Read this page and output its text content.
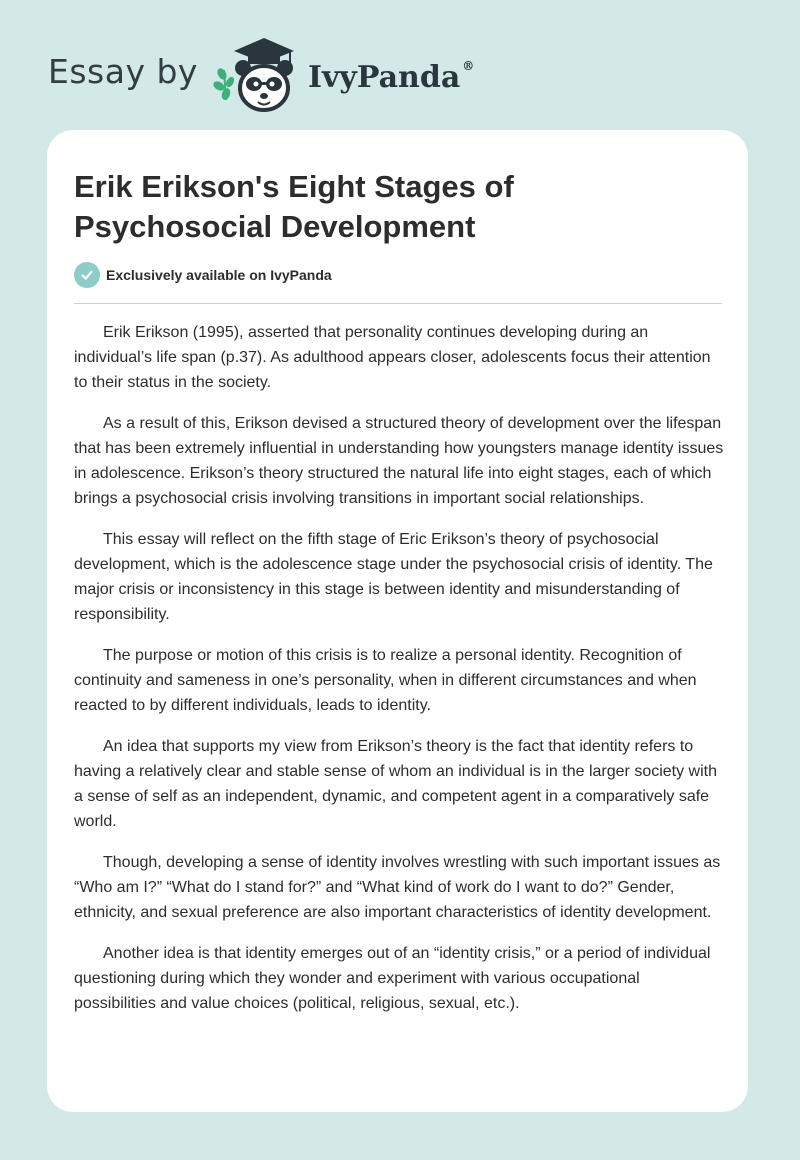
Essay by	IvyPanda ®
Erik Erikson's Eight Stages of Psychosocial Development
Exclusively available on IvyPanda

Erik Erikson (1995), asserted that personality continues developing during an individual’s life span (p.37). As adulthood appears closer, adolescents focus their attention to their status in the society.

As a result of this, Erikson devised a structured theory of development over the lifespan that has been extremely influential in understanding how youngsters manage identity issues in adolescence. Erikson’s theory structured the natural life into eight stages, each of which brings a psychosocial crisis involving transitions in important social relationships.

This essay will reflect on the fifth stage of Eric Erikson’s theory of psychosocial development, which is the adolescence stage under the psychosocial crisis of identity. The major crisis or inconsistency in this stage is between identity and misunderstanding of responsibility.

The purpose or motion of this crisis is to realize a personal identity. Recognition of continuity and sameness in one’s personality, when in different circumstances and when reacted to by different individuals, leads to identity.

An idea that supports my view from Erikson’s theory is the fact that identity refers to having a relatively clear and stable sense of whom an individual is in the larger society with a sense of self as an independent, dynamic, and competent agent in a comparatively safe world.

Though, developing a sense of identity involves wrestling with such important issues as “Who am I?” “What do I stand for?” and “What kind of work do I want to do?” Gender, ethnicity, and sexual preference are also important characteristics of identity development.

Another idea is that identity emerges out of an “identity crisis,” or a period of individual questioning during which they wonder and experiment with various occupational possibilities and value choices (political, religious, sexual, etc.).
